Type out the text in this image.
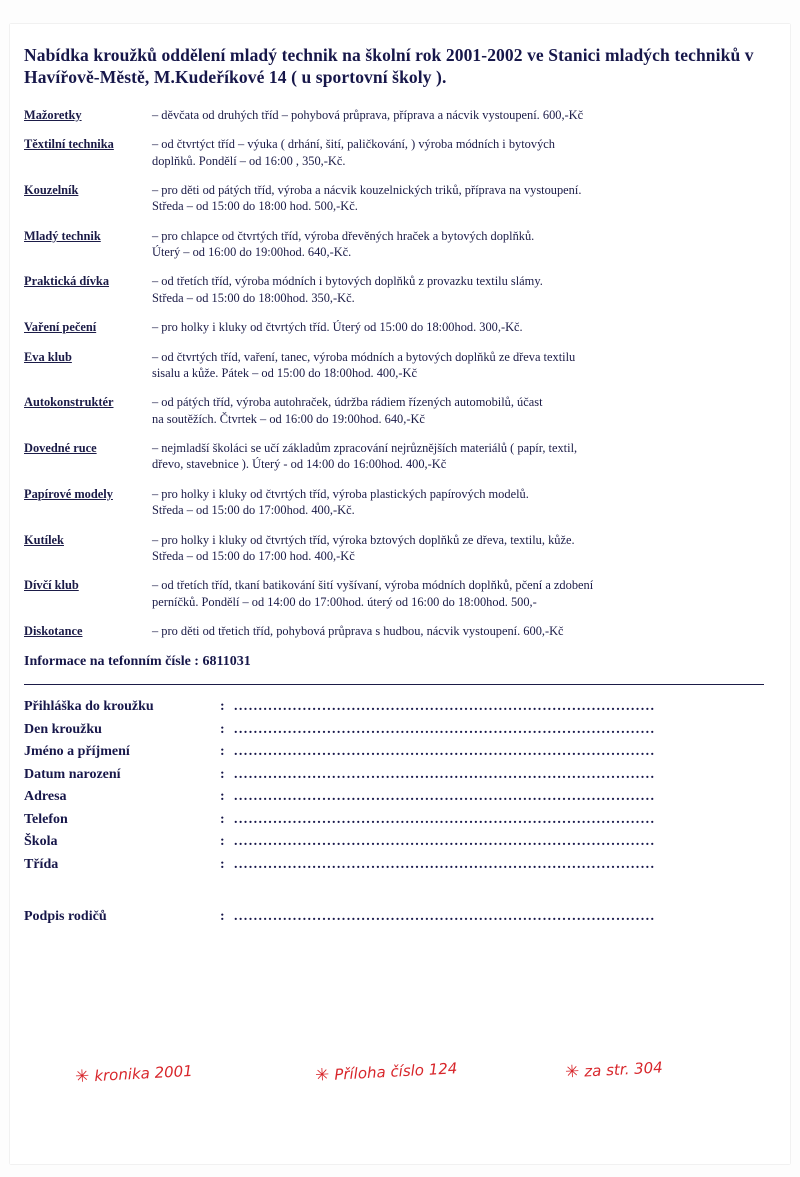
Nabídka kroužků oddělení mladý technik na školní rok 2001-2002 ve Stanici mladých techniků v Havířově-Městě, M.Kudeříkové 14 ( u sportovní školy ).
Mažoretky	– děvčata od druhých tříd – pohybová průprava, příprava a nácvik vystoupení. 600,-Kč

Těxtilní technika	– od čtvrtýct tříd – výuka ( drhání, šití, paličkování, ) výroba módních i bytových
doplňků. Pondělí – od 16:00 , 350,-Kč.

Kouzelník	– pro děti od pátých tříd, výroba a nácvik kouzelnických triků, příprava na vystoupení.
Středa – od 15:00 do 18:00 hod. 500,-Kč.

Mladý technik	– pro chlapce od čtvrtých tříd, výroba dřevěných hraček a bytových doplňků.
Úterý – od 16:00 do 19:00hod. 640,-Kč.

Praktická dívka	– od třetích tříd, výroba módních i bytových doplňků z provazku textilu slámy.
Středa – od 15:00 do 18:00hod. 350,-Kč.

Vaření pečení	– pro holky i kluky od čtvrtých tříd. Úterý od 15:00 do 18:00hod. 300,-Kč.

Eva klub	– od čtvrtých tříd, vaření, tanec, výroba módních a bytových doplňků ze dřeva textilu
sisalu a kůže. Pátek – od 15:00 do 18:00hod. 400,-Kč

Autokonstruktér	– od pátých tříd, výroba autohraček, údržba rádiem řízených automobilů, účast
na soutěžích. Čtvrtek – od 16:00 do 19:00hod. 640,-Kč

Dovedné ruce	– nejmladší školáci se učí základům zpracování nejrůznějších materiálů ( papír, textil,
dřevo, stavebnice ). Úterý - od 14:00 do 16:00hod. 400,-Kč

Papírové modely	– pro holky i kluky od čtvrtých tříd, výroba plastických papírových modelů.
Středa – od 15:00 do 17:00hod. 400,-Kč.

Kutílek	– pro holky i kluky od čtvrtých tříd, výroka bztových doplňků ze dřeva, textilu, kůže.
Středa – od 15:00 do 17:00 hod. 400,-Kč

Dívčí klub	– od třetích tříd, tkaní batikování šití vyšívaní, výroba módních doplňků, pčení a zdobení
perníčků. Pondělí – od 14:00 do 17:00hod. úterý od 16:00 do 18:00hod. 500,-

Diskotance	– pro děti od třetich tříd, pohybová průprava s hudbou, nácvik vystoupení. 600,-Kč
Informace na tefonním čísle : 6811031
Přihláška do kroužku	:	......................................................................................
Den kroužku	:	......................................................................................
Jméno a příjmení	:	......................................................................................
Datum narození	:	......................................................................................
Adresa	:	......................................................................................
Telefon	:	......................................................................................
Škola	:	......................................................................................
Třída	:	......................................................................................
Podpis rodičů	:	......................................................................................
✳ kronika 2001	✳ Příloha číslo 124	✳ za str. 304
